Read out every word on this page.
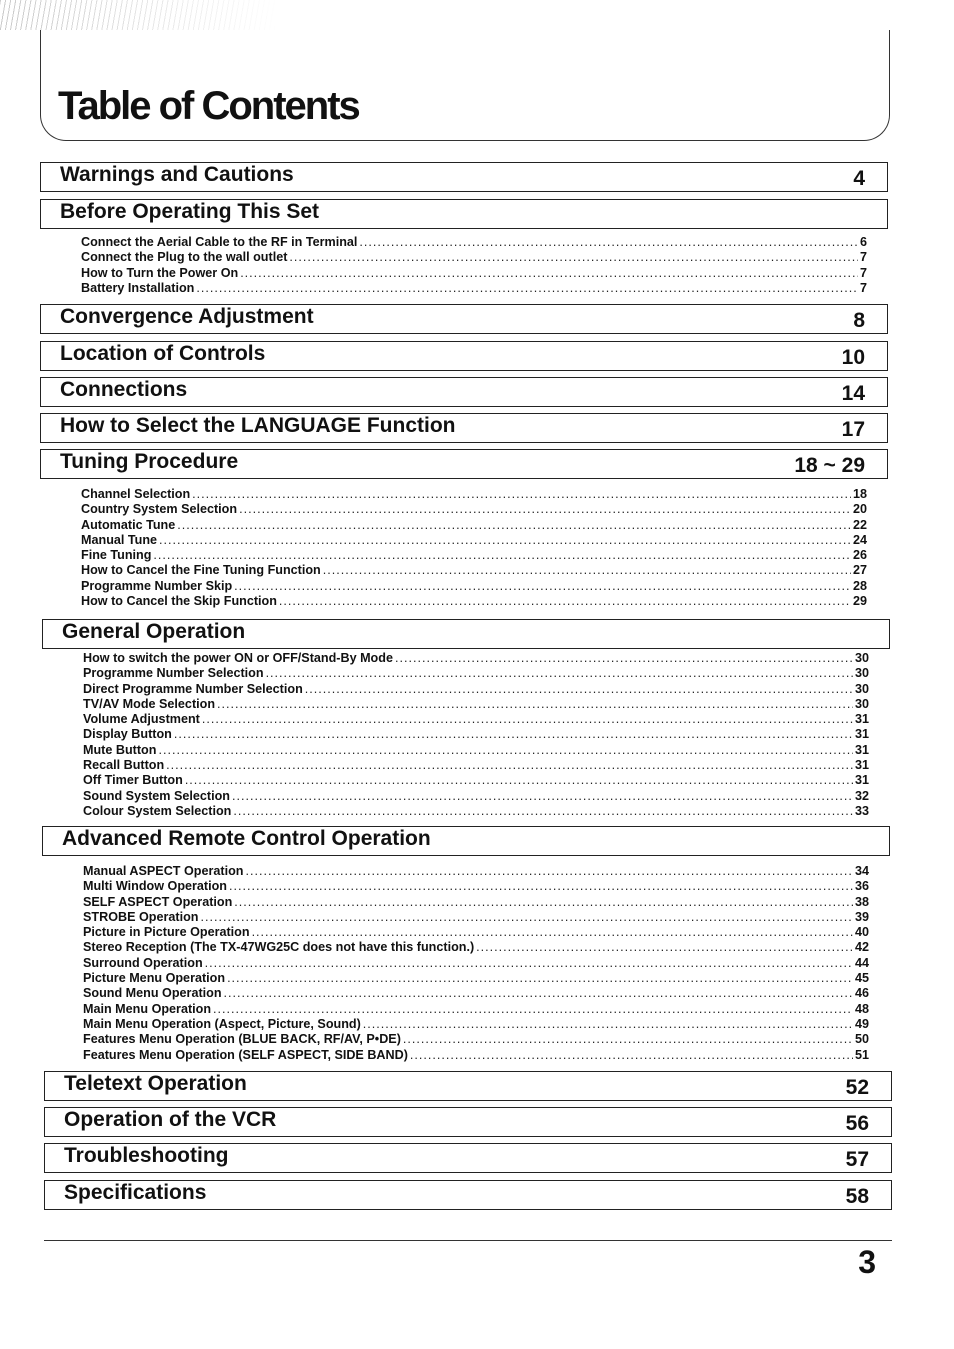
Table of Contents
Warnings and Cautions	4
Before Operating This Set
Connect the Aerial Cable to the RF in Terminal .....	6
Connect the Plug to the wall outlet .....	7
How to Turn the Power On .....	7
Battery Installation .....	7
Convergence Adjustment	8
Location of Controls	10
Connections	14
How to Select the LANGUAGE Function	17
Tuning Procedure	18 ~ 29
Channel Selection .....	18
Country System Selection .....	20
Automatic Tune .....	22
Manual Tune .....	24
Fine Tuning .....	26
How to Cancel the Fine Tuning Function .....	27
Programme Number Skip .....	28
How to Cancel the Skip Function .....	29
General Operation
How to switch the power ON or OFF/Stand-By Mode .....	30
Programme Number Selection .....	30
Direct Programme Number Selection .....	30
TV/AV Mode Selection .....	30
Volume Adjustment .....	31
Display Button .....	31
Mute Button .....	31
Recall Button .....	31
Off Timer Button .....	31
Sound System Selection .....	32
Colour System Selection .....	33
Advanced Remote Control Operation
Manual ASPECT Operation .....	34
Multi Window Operation .....	36
SELF ASPECT Operation .....	38
STROBE Operation .....	39
Picture in Picture Operation .....	40
Stereo Reception (The TX-47WG25C does not have this function.) .....	42
Surround Operation .....	44
Picture Menu Operation .....	45
Sound Menu Operation .....	46
Main Menu Operation .....	48
Main Menu Operation (Aspect, Picture, Sound) .....	49
Features Menu Operation (BLUE BACK, RF/AV, P•DE) .....	50
Features Menu Operation (SELF ASPECT, SIDE BAND) .....	51
Teletext Operation	52
Operation of the VCR	56
Troubleshooting	57
Specifications	58
3
